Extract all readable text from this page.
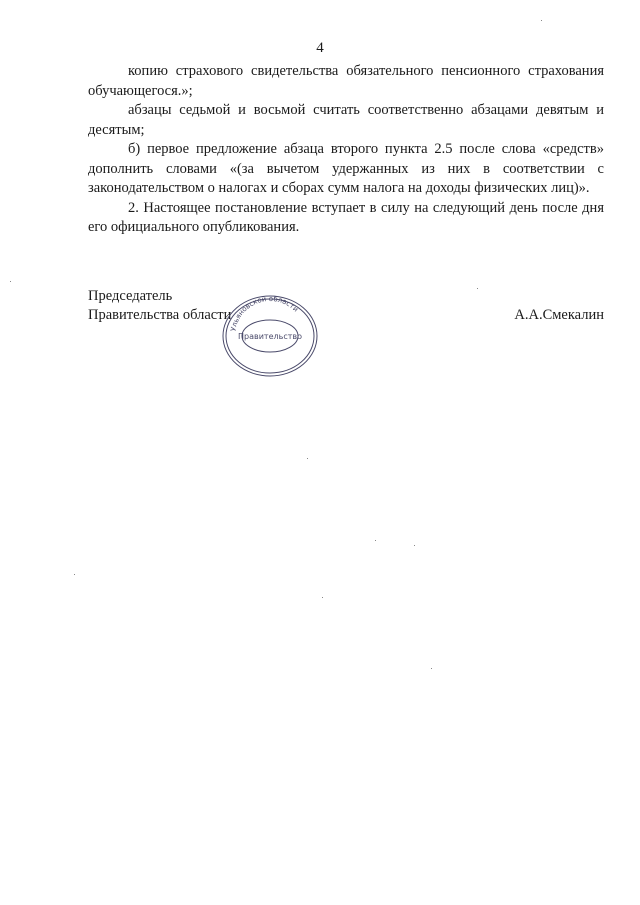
4

копию страхового свидетельства обязательного пенсионного страхования обучающегося.»;

абзацы седьмой и восьмой считать соответственно абзацами девятым и десятым;

б) первое предложение абзаца второго пункта 2.5 после слова «средств» дополнить словами «(за вычетом удержанных из них в соответствии с законодательством о налогах и сборах сумм налога на доходы физических лиц)».

2. Настоящее постановление вступает в силу на следующий день после дня его официального опубликования.

Председатель
Правительства области	А.А.Смекалин
Ульяновской области
Правительство
